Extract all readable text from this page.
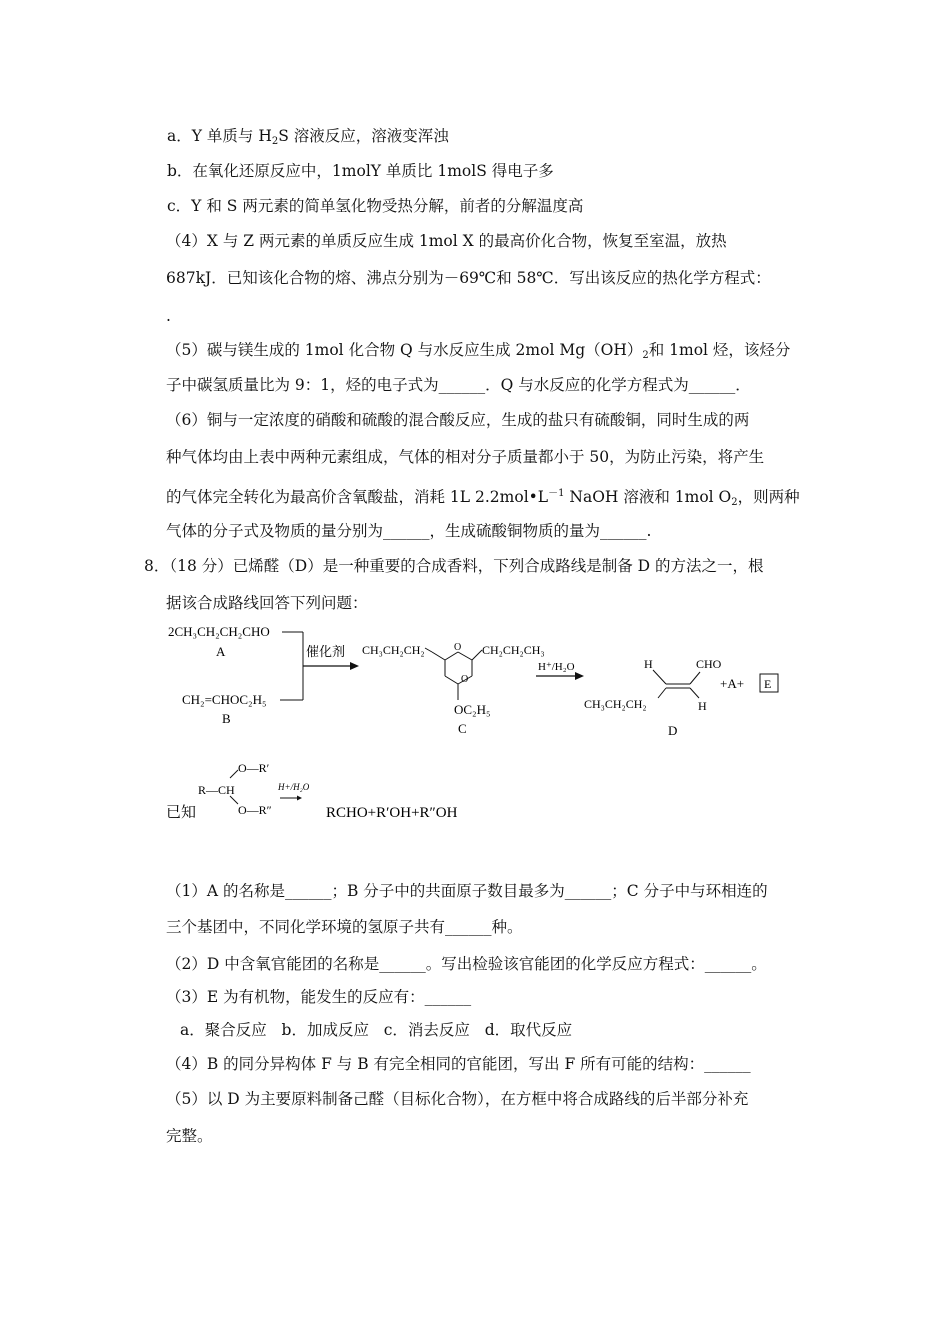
a．Y 单质与 $H_2S$ 溶液反应，溶液变浑浊
b．在氧化还原反应中，1molY 单质比 1molS 得电子多
c．Y 和 S 两元素的简单氢化物受热分解，前者的分解温度高
（4）X 与 Z 两元素的单质反应生成 1mol X 的最高价化合物，恢复至室温，放热
687kJ．已知该化合物的熔、沸点分别为－69℃和 58℃．写出该反应的热化学方程式：
.
（5）碳与镁生成的 1mol 化合物 Q 与水反应生成 2mol $Mg(OH)_2$和 1mol 烃，该烃分
子中碳氢质量比为 9：1，烃的电子式为______．Q 与水反应的化学方程式为______．
（6）铜与一定浓度的硝酸和硫酸的混合酸反应，生成的盐只有硫酸铜，同时生成的两
种气体均由上表中两种元素组成，气体的相对分子质量都小于 50，为防止污染，将产生
的气体完全转化为最高价含氧酸盐，消耗 1L $2.2mol•L^{-1}$ NaOH 溶液和 1mol $O_2$，则两种
气体的分子式及物质的量分别为______，生成硫酸铜物质的量为______.
8．（18 分）已烯醛（D）是一种重要的合成香料，下列合成路线是制备 D 的方法之一，根
据该合成路线回答下列问题：
2CH₃CH₂CH₂CHO
A
CH₂=CHOC₂H₅
B
催化剂 CH₃CH₂CH₂	CH₂CH₂CH₃
O
O
OC₂H₅
C
H⁺/H₂O	H	CHO
H
CH₃CH₂CH₂
D
+A+ E
已知
R—CH
O—R′
O—R″
H+/H₂O
RCHO+R′OH+R″OH
（1）A 的名称是______；B 分子中的共面原子数目最多为______；C 分子中与环相连的
三个基团中，不同化学环境的氢原子共有______种。
（2）D 中含氧官能团的名称是______。写出检验该官能团的化学反应方程式：______。
（3）E 为有机物，能发生的反应有：______
a．聚合反应   b．加成反应   c．消去反应   d．取代反应
（4）B 的同分异构体 F 与 B 有完全相同的官能团，写出 F 所有可能的结构：______
（5）以 D 为主要原料制备己醛（目标化合物），在方框中将合成路线的后半部分补充
完整。
